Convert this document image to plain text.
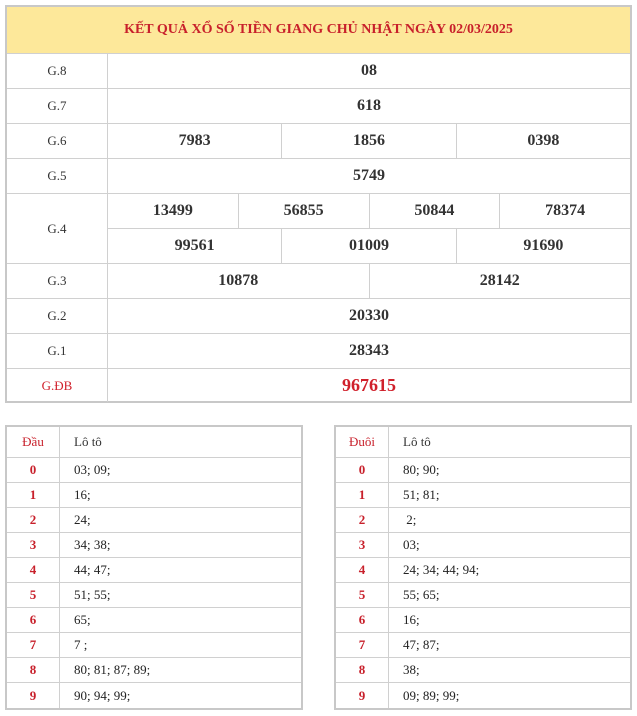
KẾT QUẢ XỔ SỐ TIỀN GIANG CHỦ NHẬT NGÀY 02/03/2025
G.8	08
G.7	618
G.6	7983	1856	0398
G.5	5749
G.4
13499	56855	50844	78374
99561	01009	91690
G.3	10878	28142
G.2	20330
G.1	28343
G.ĐB	967615
Đầu	Lô tô
0	03; 09;
1	16;
2	24;
3	34; 38;
4	44; 47;
5	51; 55;
6	65;
7	7 ;
8	80; 81; 87; 89;
9	90; 94; 99;
Đuôi	Lô tô
0	80; 90;
1	51; 81;
2	2;
3	03;
4	24; 34; 44; 94;
5	55; 65;
6	16;
7	47; 87;
8	38;
9	09; 89; 99;
